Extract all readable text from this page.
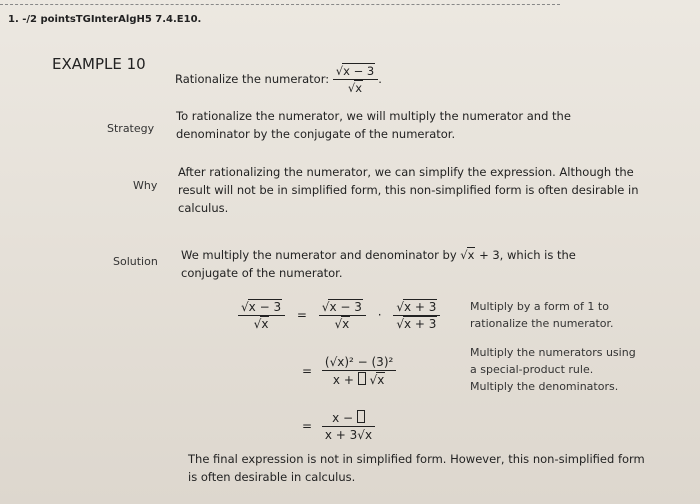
1. -/2 pointsTGInterAlgH5 7.4.E10.
EXAMPLE 10
Rationalize the numerator: $\frac{√x - 3}{√x}$ .
Strategy
To rationalize the numerator, we will multiply the numerator and the
denominator by the conjugate of the numerator.
Why
After rationalizing the numerator, we can simplify the expression. Although the
result will not be in simplified form, this non-simplified form is often desirable in
calculus.
Solution We multiply the numerator and denominator by √x + 3, which is the
conjugate of the numerator.
$\frac{√x - 3}{√x} = \frac{√x - 3}{√x} \cdot \frac{√x + 3}{√x + 3}$
= $\frac{\text{(√x)² − (3)²}}{x + √x}$
= $\frac{x -}{x + 3√x}$
Multiply by a form of 1 to
rationalize the numerator.
Multiply the numerators using
a special-product rule.
Multiply the denominators.
The final expression is not in simplified form. However, this non-simplified form
is often desirable in calculus.
